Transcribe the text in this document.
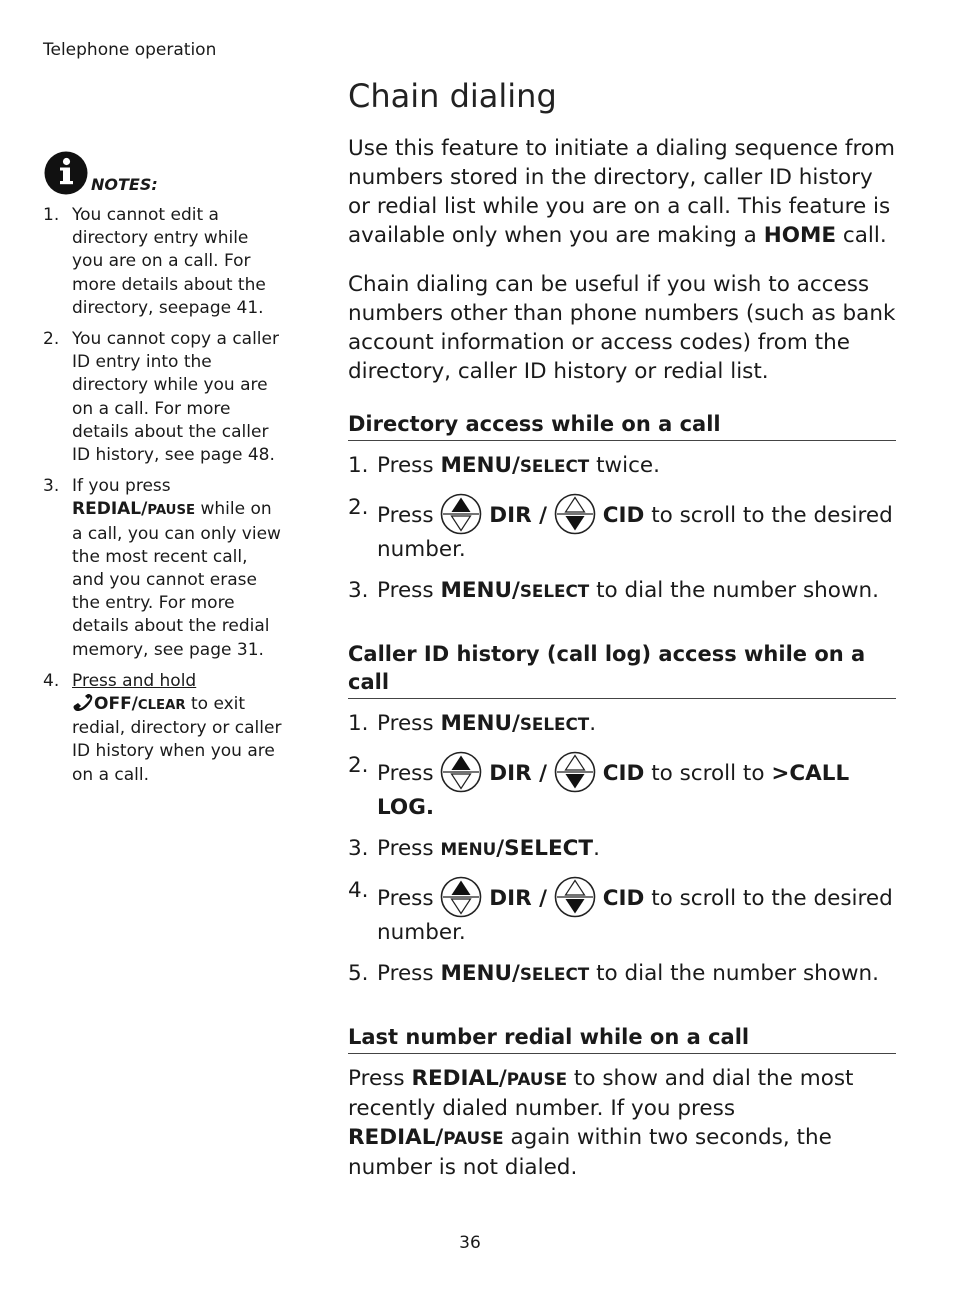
Telephone operation
NOTES:
1. You cannot edit a directory entry while you are on a call. For more details about the directory, seepage 41.
2. You cannot copy a caller ID entry into the directory while you are on a call. For more details about the caller ID history, see page 48.
3. If you press
REDIAL/PAUSE while on a call, you can only view the most recent call, and you cannot erase the entry. For more details about the redial memory, see page 31.
4. Press and hold
OFF/CLEAR to exit redial, directory or caller ID history when you are on a call.
Chain dialing

Use this feature to initiate a dialing sequence from numbers stored in the directory, caller ID history or redial list while you are on a call. This feature is available only when you are making a HOME call.

Chain dialing can be useful if you wish to access numbers other than phone numbers (such as bank account information or access codes) from the directory, caller ID history or redial list.

Directory access while on a call
1. Press MENU/SELECT twice.
2. Press	DIR /	CID to scroll to the desired number.
3. Press MENU/SELECT to dial the number shown.
Caller ID history (call log) access while on a call
1. Press MENU/SELECT.
2. Press	DIR /	CID to scroll to >CALL LOG.
3. Press MENU/SELECT.
4. Press	DIR /	CID to scroll to the desired number.
5. Press MENU/SELECT to dial the number shown.
Last number redial while on a call

Press REDIAL/PAUSE to show and dial the most recently dialed number. If you press REDIAL/PAUSE again within two seconds, the number is not dialed.

36
